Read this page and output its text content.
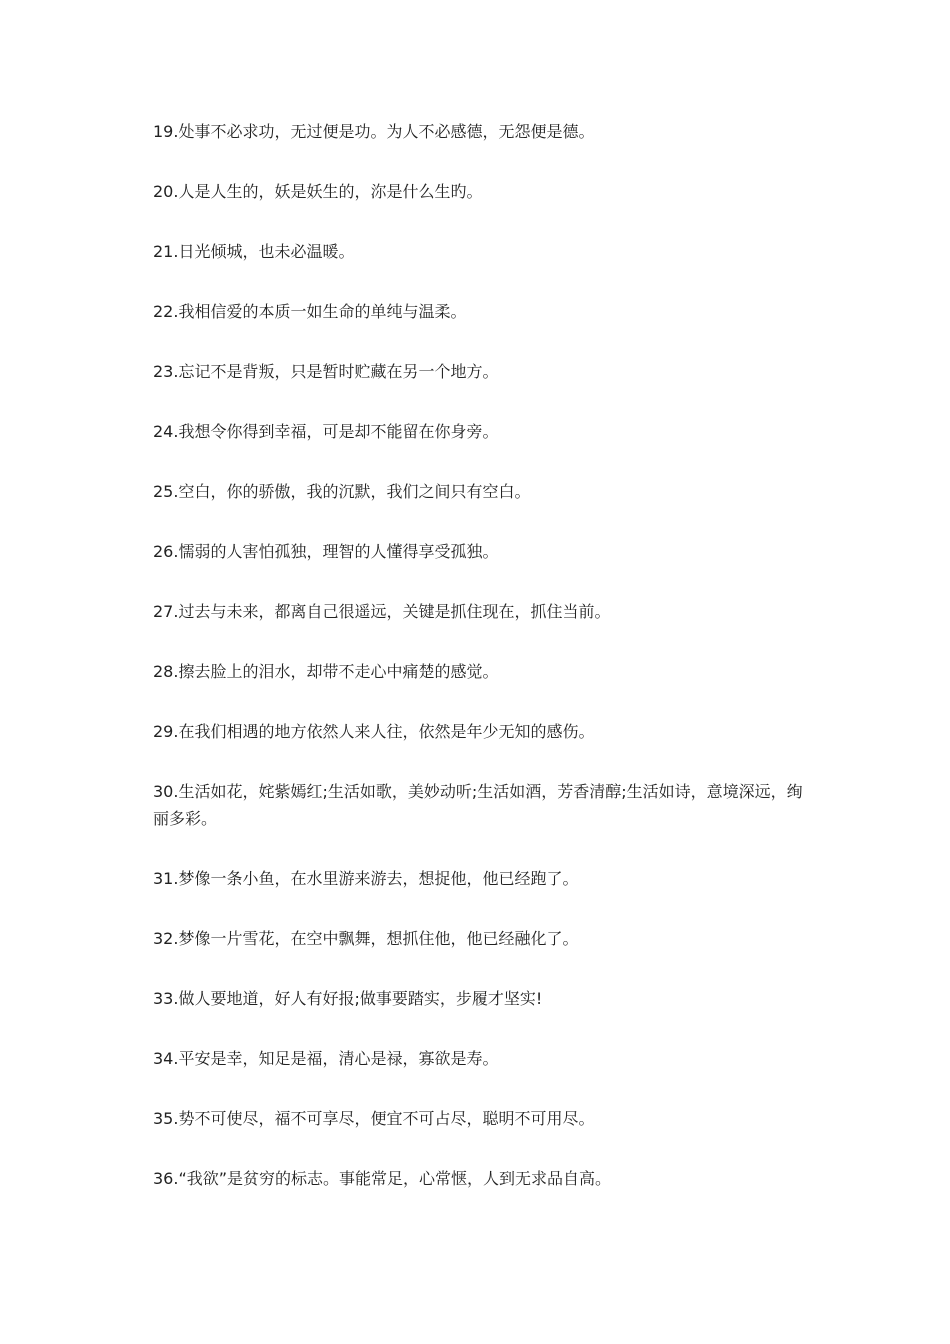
19.处事不必求功，无过便是功。为人不必感德，无怨便是德。
20.人是人生的，妖是妖生的，沵是什么生旳。
21.日光倾城，也未必温暖。
22.我相信爱的本质一如生命的单纯与温柔。
23.忘记不是背叛，只是暂时贮藏在另一个地方。
24.我想令你得到幸福，可是却不能留在你身旁。
25.空白，你的骄傲，我的沉默，我们之间只有空白。
26.懦弱的人害怕孤独，理智的人懂得享受孤独。
27.过去与未来，都离自己很遥远，关键是抓住现在，抓住当前。
28.擦去脸上的泪水，却带不走心中痛楚的感觉。
29.在我们相遇的地方依然人来人往，依然是年少无知的感伤。
30.生活如花，姹紫嫣红;生活如歌，美妙动听;生活如酒，芳香清醇;生活如诗，意境深远，绚丽多彩。
31.梦像一条小鱼，在水里游来游去，想捉他，他已经跑了。
32.梦像一片雪花，在空中飘舞，想抓住他，他已经融化了。
33.做人要地道，好人有好报;做事要踏实，步履才坚实!
34.平安是幸，知足是福，清心是禄，寡欲是寿。
35.势不可使尽，福不可享尽，便宜不可占尽，聪明不可用尽。
36.“我欲”是贫穷的标志。事能常足，心常惬，人到无求品自高。
